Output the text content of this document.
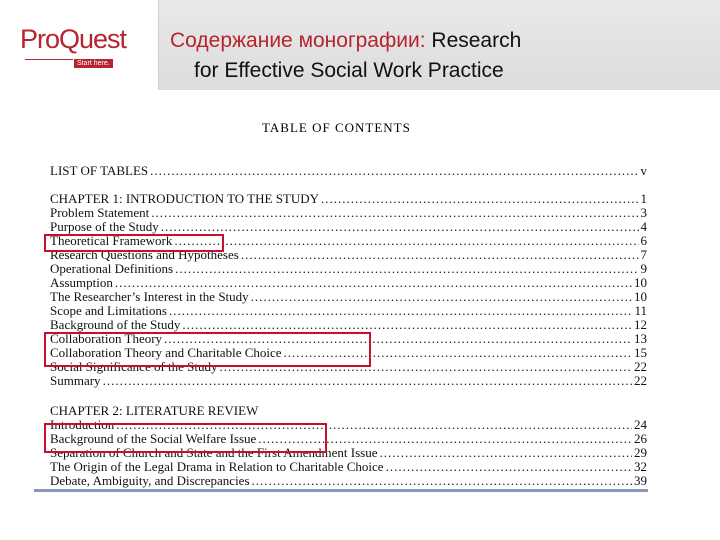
ProQuest
Start here.
Содержание монографии: Research
for Effective Social Work Practice
TABLE OF CONTENTS
LIST OF TABLES .....	v
CHAPTER 1: INTRODUCTION TO THE STUDY .....	1
Problem Statement .....	3
Purpose of the Study .....	4
Theoretical Framework .....	6
Research Questions and Hypotheses .....	7
Operational Definitions .....	9
Assumption .....	10
The Researcher’s Interest in the Study .....	10
Scope and Limitations .....	11
Background of the Study .....	12
Collaboration Theory .....	13
Collaboration Theory and Charitable Choice .....	15
Social Significance of the Study .....	22
Summary .....	22
CHAPTER 2: LITERATURE REVIEW
Introduction .....	24
Background of the Social Welfare Issue .....	26
Separation of Church and State and the First Amendment Issue .....	29
The Origin of the Legal Drama in Relation to Charitable Choice .....	32
Debate, Ambiguity, and Discrepancies .....	39
